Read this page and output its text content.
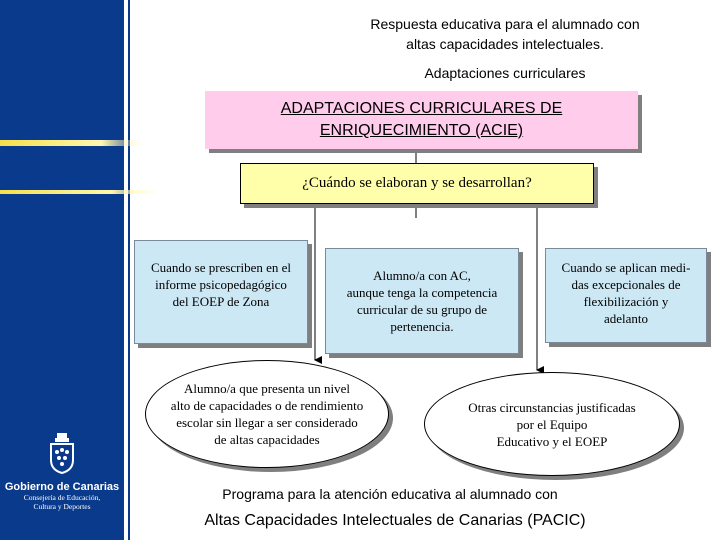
Gobierno de Canarias
Consejería de Educación,
Cultura y Deportes
Respuesta educativa para el alumnado con
altas capacidades intelectuales.
Adaptaciones curriculares
ADAPTACIONES CURRICULARES DE
ENRIQUECIMIENTO (ACIE)
¿Cuándo se elaboran y se desarrollan?
Cuando se prescriben en el
informe psicopedagógico
del EOEP de Zona
Alumno/a con AC,
aunque tenga la competencia
curricular de su grupo de
pertenencia.
Cuando se aplican medi-
das excepcionales de
flexibilización y
adelanto
Alumno/a que presenta un nivel
alto de capacidades o de rendimiento
escolar sin llegar a ser considerado
de altas capacidades
Otras circunstancias justificadas
por el Equipo
Educativo y el EOEP
Programa para la atención educativa al alumnado con
Altas Capacidades Intelectuales de Canarias (PACIC)
